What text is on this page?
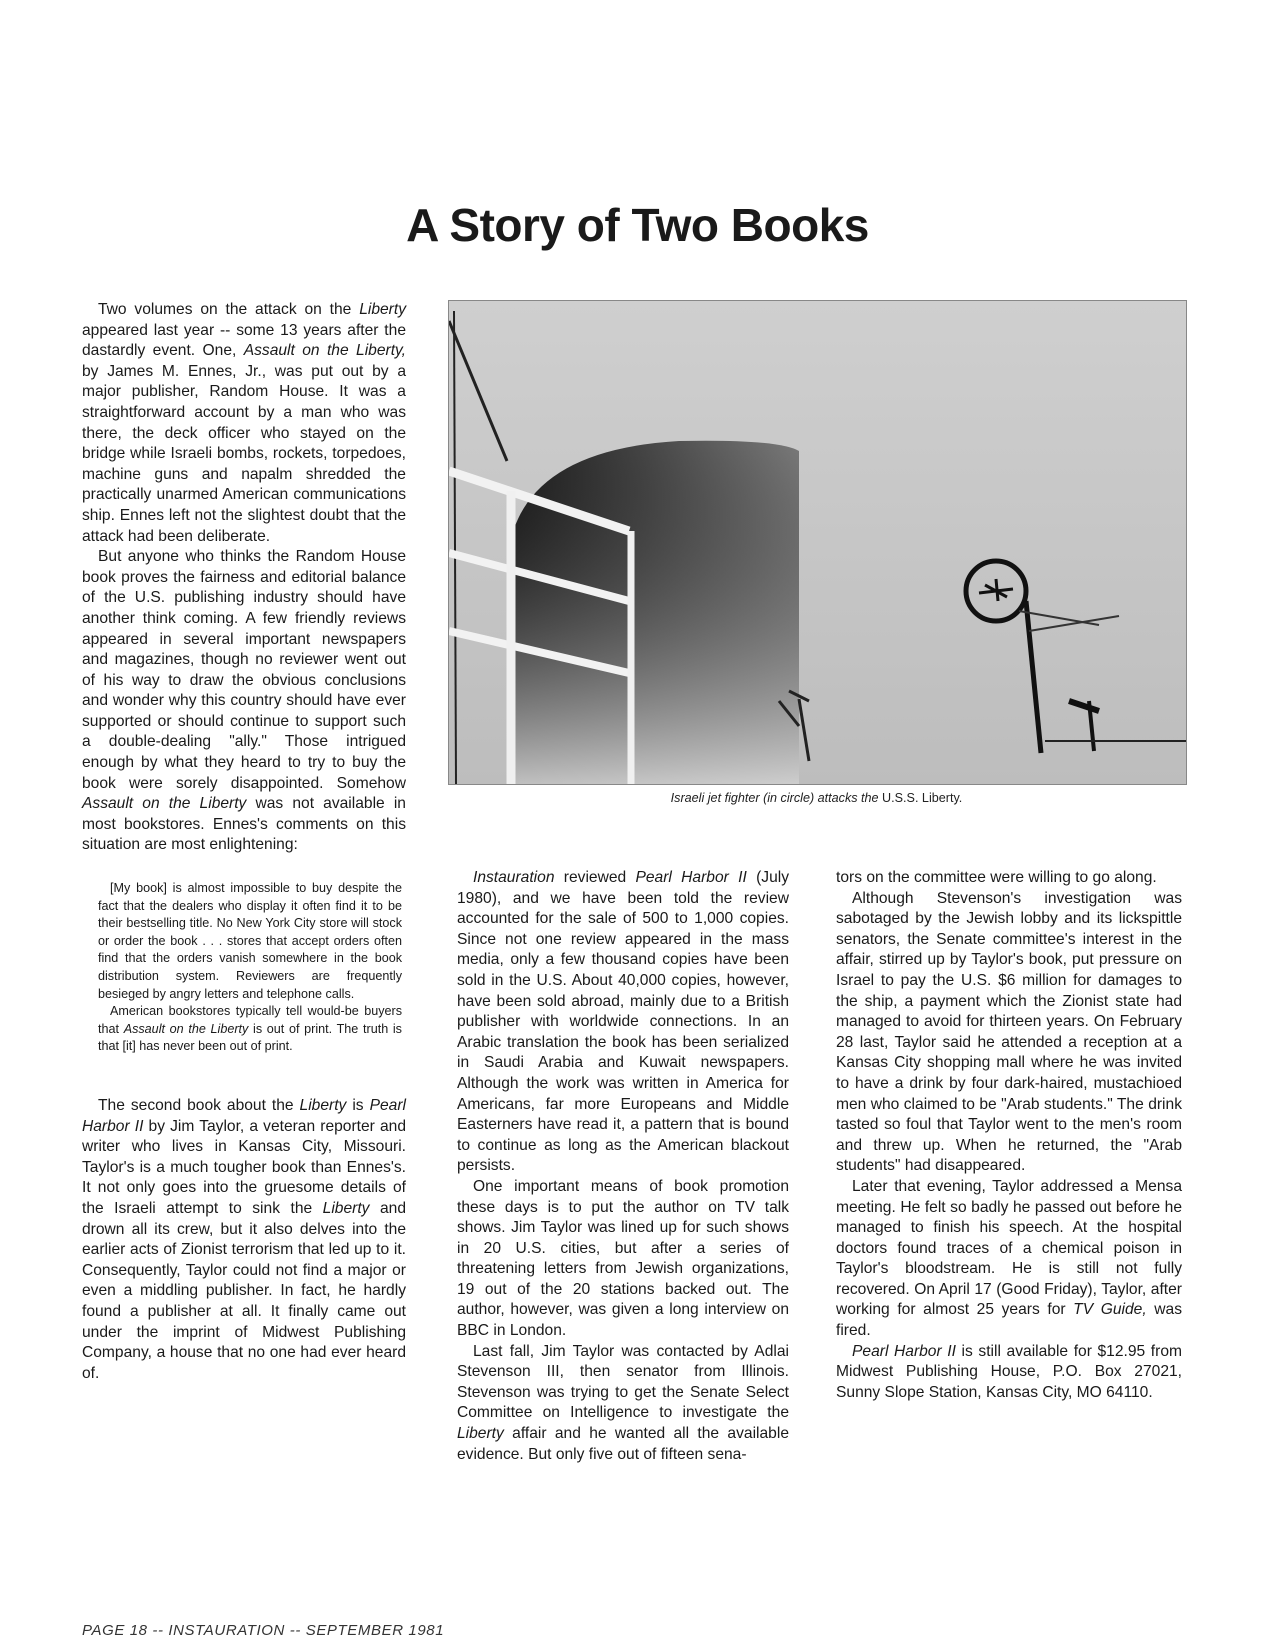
A Story of Two Books

Two volumes on the attack on the Liberty appeared last year -- some 13 years after the dastardly event. One, Assault on the Liberty, by James M. Ennes, Jr., was put out by a major publisher, Random House. It was a straightforward account by a man who was there, the deck officer who stayed on the bridge while Israeli bombs, rockets, torpedoes, machine guns and napalm shredded the practically unarmed American communications ship. Ennes left not the slightest doubt that the attack had been deliberate.

But anyone who thinks the Random House book proves the fairness and editorial balance of the U.S. publishing industry should have another think coming. A few friendly reviews appeared in several important newspapers and magazines, though no reviewer went out of his way to draw the obvious conclusions and wonder why this country should have ever supported or should continue to support such a double-dealing "ally." Those intrigued enough by what they heard to try to buy the book were sorely disappointed. Somehow Assault on the Liberty was not available in most bookstores. Ennes's comments on this situation are most enlightening:

[My book] is almost impossible to buy despite the fact that the dealers who display it often find it to be their bestselling title. No New York City store will stock or order the book . . . stores that accept orders often find that the orders vanish somewhere in the book distribution system. Reviewers are frequently besieged by angry letters and telephone calls.

American bookstores typically tell would-be buyers that Assault on the Liberty is out of print. The truth is that [it] has never been out of print.

The second book about the Liberty is Pearl Harbor II by Jim Taylor, a veteran reporter and writer who lives in Kansas City, Missouri. Taylor's is a much tougher book than Ennes's. It not only goes into the gruesome details of the Israeli attempt to sink the Liberty and drown all its crew, but it also delves into the earlier acts of Zionist terrorism that led up to it. Consequently, Taylor could not find a major or even a middling publisher. In fact, he hardly found a publisher at all. It finally came out under the imprint of Midwest Publishing Company, a house that no one had ever heard of.

Israeli jet fighter (in circle) attacks the U.S.S. Liberty.

Instauration reviewed Pearl Harbor II (July 1980), and we have been told the review accounted for the sale of 500 to 1,000 copies. Since not one review appeared in the mass media, only a few thousand copies have been sold in the U.S. About 40,000 copies, however, have been sold abroad, mainly due to a British publisher with worldwide connections. In an Arabic translation the book has been serialized in Saudi Arabia and Kuwait newspapers. Although the work was written in America for Americans, far more Europeans and Middle Easterners have read it, a pattern that is bound to continue as long as the American blackout persists.

One important means of book promotion these days is to put the author on TV talk shows. Jim Taylor was lined up for such shows in 20 U.S. cities, but after a series of threatening letters from Jewish organizations, 19 out of the 20 stations backed out. The author, however, was given a long interview on BBC in London.

Last fall, Jim Taylor was contacted by Adlai Stevenson III, then senator from Illinois. Stevenson was trying to get the Senate Select Committee on Intelligence to investigate the Liberty affair and he wanted all the available evidence. But only five out of fifteen sena-

tors on the committee were willing to go along.

Although Stevenson's investigation was sabotaged by the Jewish lobby and its lickspittle senators, the Senate committee's interest in the affair, stirred up by Taylor's book, put pressure on Israel to pay the U.S. $6 million for damages to the ship, a payment which the Zionist state had managed to avoid for thirteen years. On February 28 last, Taylor said he attended a reception at a Kansas City shopping mall where he was invited to have a drink by four dark-haired, mustachioed men who claimed to be "Arab students." The drink tasted so foul that Taylor went to the men's room and threw up. When he returned, the "Arab students" had disappeared.

Later that evening, Taylor addressed a Mensa meeting. He felt so badly he passed out before he managed to finish his speech. At the hospital doctors found traces of a chemical poison in Taylor's bloodstream. He is still not fully recovered. On April 17 (Good Friday), Taylor, after working for almost 25 years for TV Guide, was fired.

Pearl Harbor II is still available for $12.95 from Midwest Publishing House, P.O. Box 27021, Sunny Slope Station, Kansas City, MO 64110.

PAGE 18 -- INSTAURATION -- SEPTEMBER 1981
